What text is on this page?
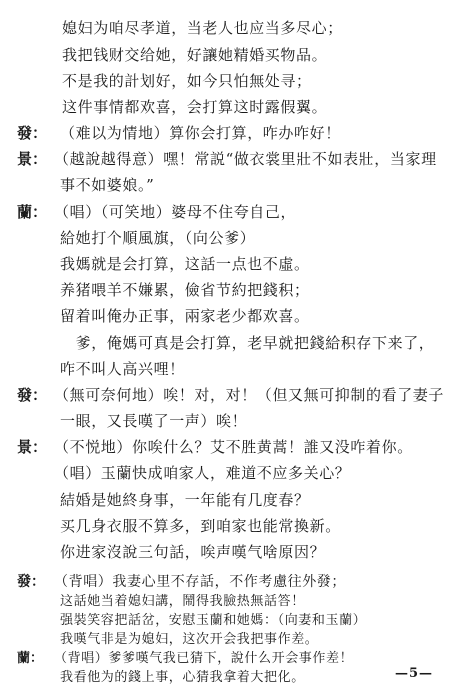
媳妇为咱尽孝道，当老人也应当多尽心；
我把钱财交给她，好讓她精婚买物品。
不是我的計划好，如今只怕無处寻；
这件事情都欢喜，会打算这时露假翼。
發： （难以为情地）算你会打算，咋办咋好！
景： （越說越得意）嘿！常説“做衣裳里壯不如表壯，当家理
事不如婆娘。”
蘭： （唱）（可笑地）婆母不住夸自己，
給她打个順風旗，（向公爹）
我媽就是会打算，这話一点也不虛。
养猪喂羊不嫌累，儉省节約把錢积；
留着叫俺办正事，兩家老少都欢喜。
　爹，俺媽可真是会打算，老早就把錢給积存下来了，
咋不叫人高兴哩！
發： （無可奈何地）唉！对，对！（但又無可抑制的看了妻子
一眼，又長嘆了一声）唉！
景： （不悦地）你唉什么？艾不胜黄蒿！誰又没咋着你。
（唱）玉蘭快成咱家人，难道不应多关心？
結婚是她終身事，一年能有几度春？
买几身衣服不算多，到咱家也能常換新。
你进家沒說三句話，唉声嘆气啥原因？
發： （背唱）我妻心里不存話，不作考慮往外發；
这話她当着媳妇講，鬧得我臉热無話答！
强裝笑容把話岔，安慰玉蘭和她媽：（向妻和玉蘭）
我嘆气非是为媳妇，这次开会我把事作差。
蘭： （背唱）爹爹嘆气我已猜下，說什么开会事作差！
我看他为的錢上事，心猜我拿着大把化。	—5—
